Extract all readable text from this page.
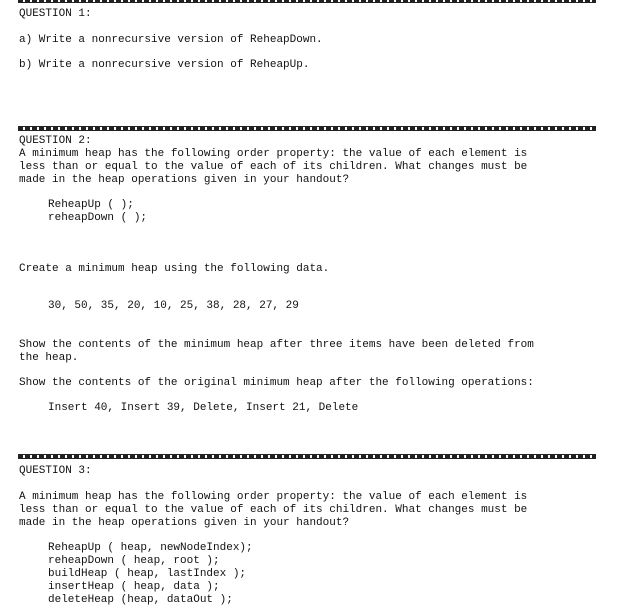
QUESTION 1:
a) Write a nonrecursive version of ReheapDown.
b) Write a nonrecursive version of ReheapUp.
QUESTION 2:
A minimum heap has the following order property: the value of each element is
less than or equal to the value of each of its children. What changes must be
made in the heap operations given in your handout?
ReheapUp ( );
reheapDown ( );
Create a minimum heap using the following data.
30, 50, 35, 20, 10, 25, 38, 28, 27, 29
Show the contents of the minimum heap after three items have been deleted from
the heap.
Show the contents of the original minimum heap after the following operations:
Insert 40, Insert 39, Delete, Insert 21, Delete
QUESTION 3:
A minimum heap has the following order property: the value of each element is
less than or equal to the value of each of its children. What changes must be
made in the heap operations given in your handout?
ReheapUp ( heap, newNodeIndex);
reheapDown ( heap, root );
buildHeap ( heap, lastIndex );
insertHeap ( heap, data );
deleteHeap (heap, dataOut );
